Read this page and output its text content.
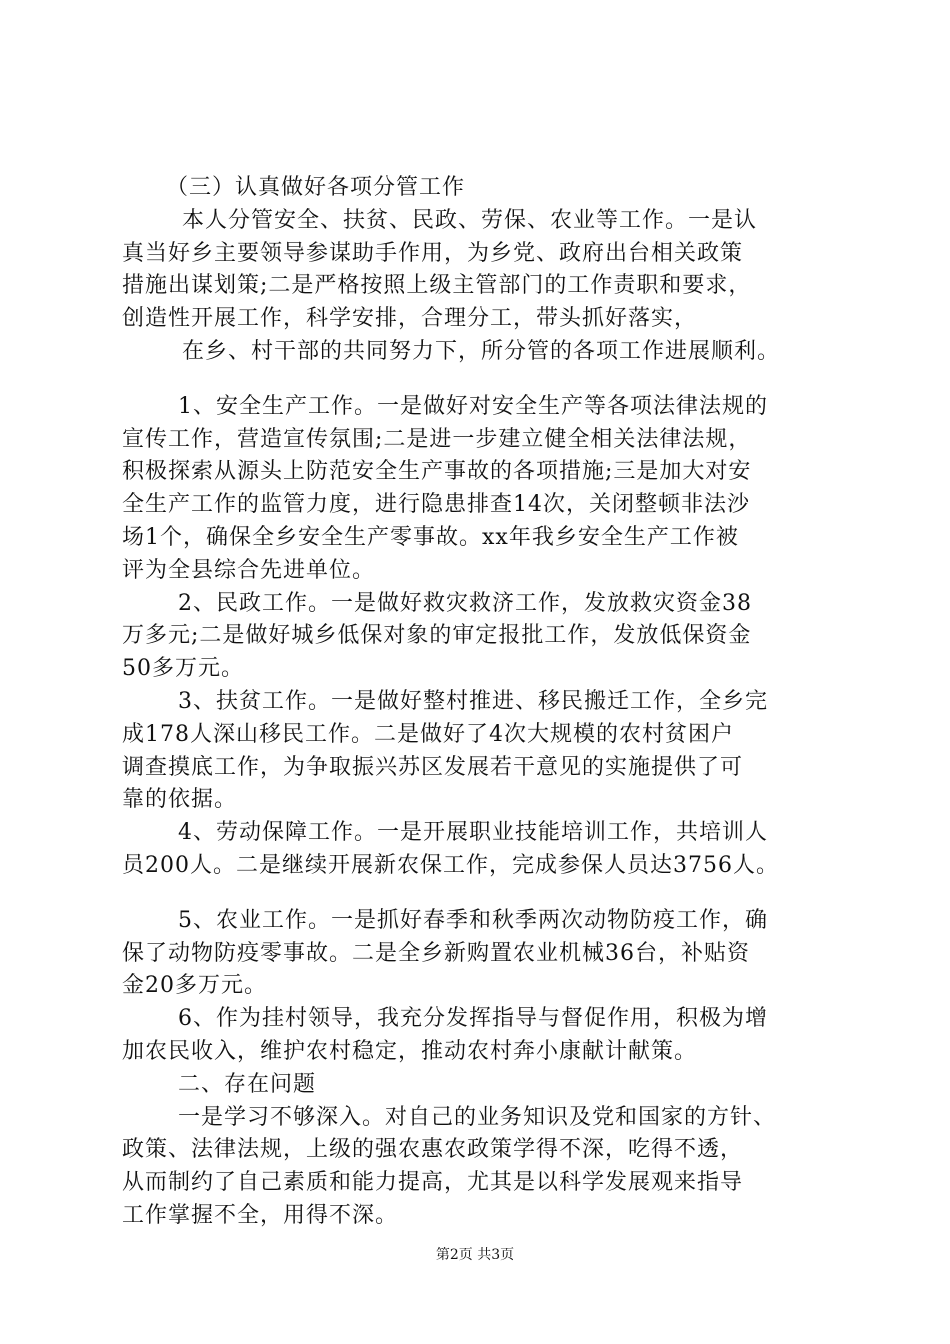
（三）认真做好各项分管工作
本人分管安全、扶贫、民政、劳保、农业等工作。一是认
真当好乡主要领导参谋助手作用，为乡党、政府出台相关政策
措施出谋划策;二是严格按照上级主管部门的工作责职和要求，
创造性开展工作，科学安排，合理分工，带头抓好落实，
在乡、村干部的共同努力下，所分管的各项工作进展顺利。
1、安全生产工作。一是做好对安全生产等各项法律法规的
宣传工作，营造宣传氛围;二是进一步建立健全相关法律法规，
积极探索从源头上防范安全生产事故的各项措施;三是加大对安
全生产工作的监管力度，进行隐患排查14次，关闭整顿非法沙
场1个，确保全乡安全生产零事故。xx年我乡安全生产工作被
评为全县综合先进单位。
2、民政工作。一是做好救灾救济工作，发放救灾资金38
万多元;二是做好城乡低保对象的审定报批工作，发放低保资金
50多万元。
3、扶贫工作。一是做好整村推进、移民搬迁工作，全乡完
成178人深山移民工作。二是做好了4次大规模的农村贫困户
调查摸底工作，为争取振兴苏区发展若干意见的实施提供了可
靠的依据。
4、劳动保障工作。一是开展职业技能培训工作，共培训人
员200人。二是继续开展新农保工作，完成参保人员达3756人。
5、农业工作。一是抓好春季和秋季两次动物防疫工作，确
保了动物防疫零事故。二是全乡新购置农业机械36台，补贴资
金20多万元。
6、作为挂村领导，我充分发挥指导与督促作用，积极为增
加农民收入，维护农村稳定，推动农村奔小康献计献策。
二、存在问题
一是学习不够深入。对自己的业务知识及党和国家的方针、
政策、法律法规，上级的强农惠农政策学得不深，吃得不透，
从而制约了自己素质和能力提高，尤其是以科学发展观来指导
工作掌握不全，用得不深。
第2页 共3页
